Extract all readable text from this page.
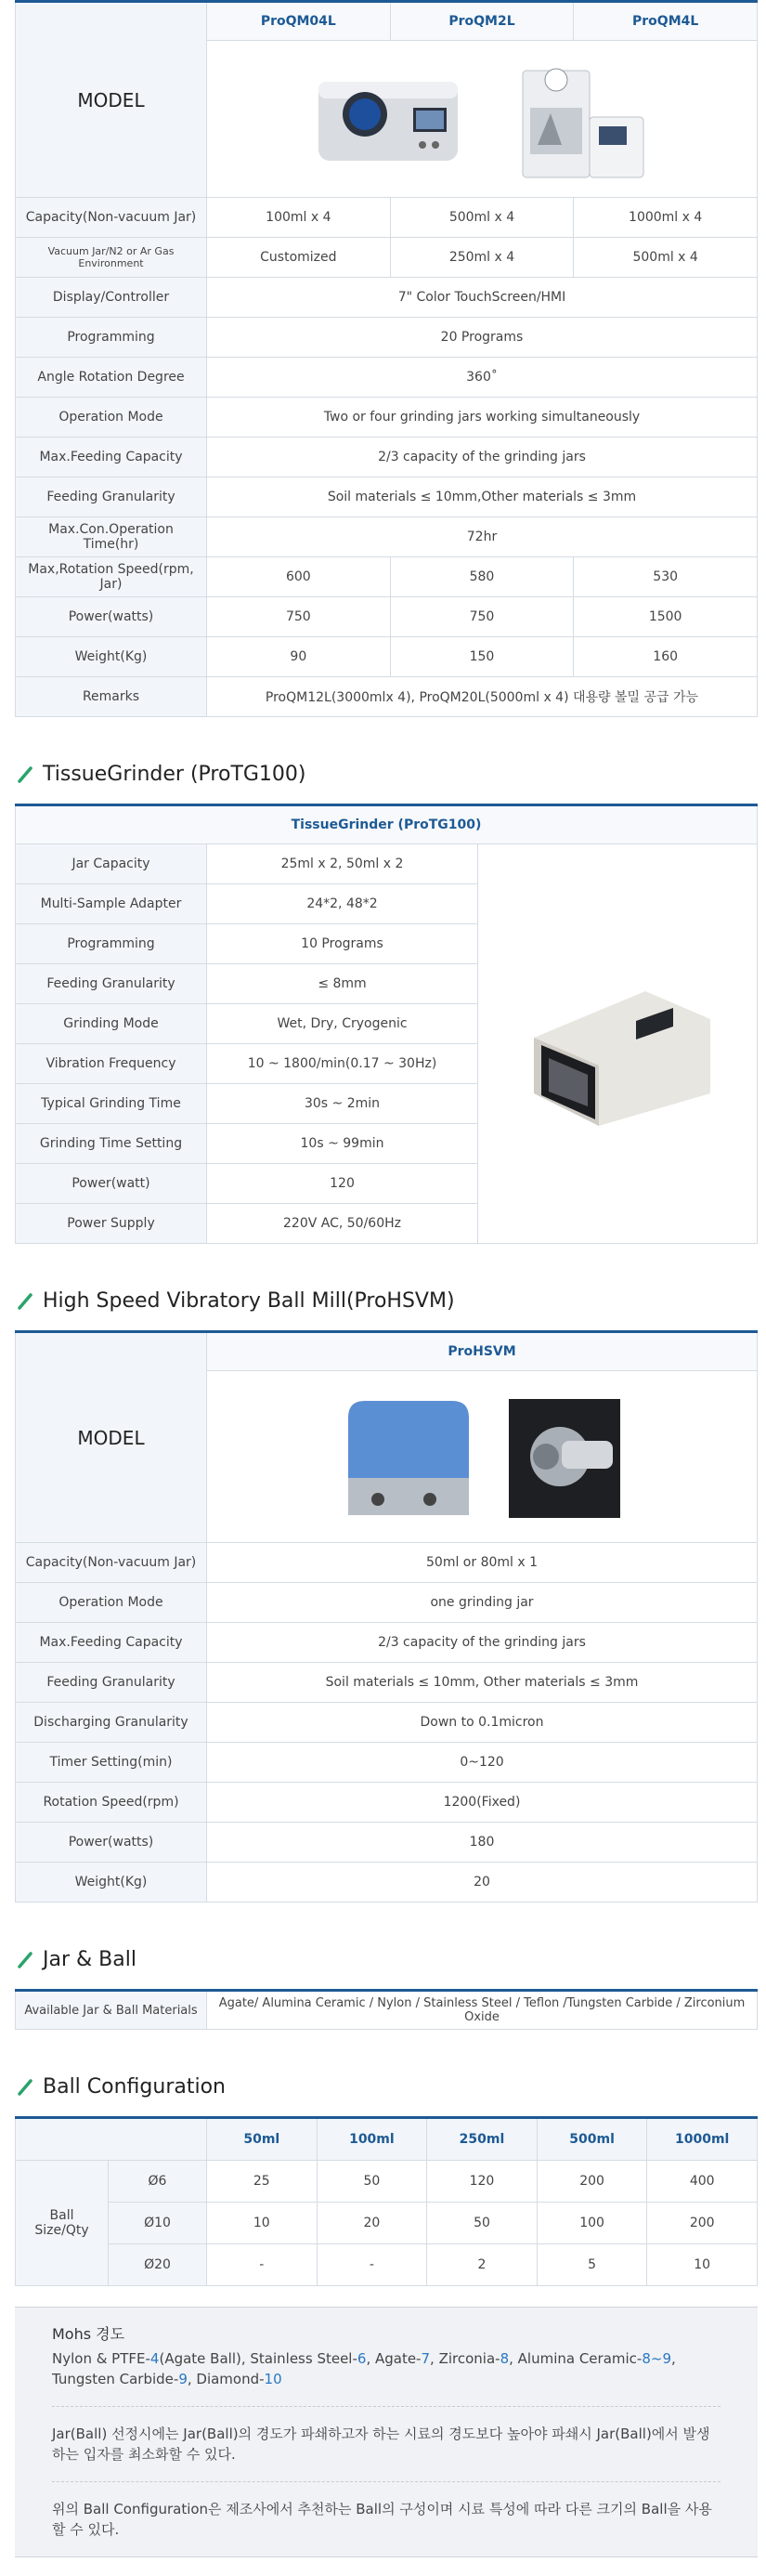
MODEL	ProQM04L	ProQM2L	ProQM4L

Capacity(Non-vacuum Jar)	100ml x 4	500ml x 4	1000ml x 4
Vacuum Jar/N2 or Ar Gas Environment	Customized	250ml x 4	500ml x 4
Display/Controller	7" Color TouchScreen/HMI		
Programming	20 Programs		
Angle Rotation Degree	360˚		
Operation Mode	Two or four grinding jars working simultaneously		
Max.Feeding Capacity	2/3 capacity of the grinding jars		
Feeding Granularity	Soil materials ≤ 10mm,Other materials ≤ 3mm		
Max.Con.Operation Time(hr)	72hr		
Max,Rotation Speed(rpm, Jar)	600	580	530
Power(watts)	750	750	1500
Weight(Kg)	90	150	160
Remarks	ProQM12L(3000mlx 4), ProQM20L(5000ml x 4) 대용량 볼밀 공급 가능		
TissueGrinder (ProTG100)
TissueGrinder (ProTG100)		
Jar Capacity	25ml x 2, 50ml x 2	
Multi-Sample Adapter	24*2, 48*2	
Programming	10 Programs	
Feeding Granularity	≤ 8mm	
Grinding Mode	Wet, Dry, Cryogenic	
Vibration Frequency	10 ~ 1800/min(0.17 ~ 30Hz)	
Typical Grinding Time	30s ~ 2min	
Grinding Time Setting	10s ~ 99min	
Power(watt)	120	
Power Supply	220V AC, 50/60Hz	
High Speed Vibratory Ball Mill(ProHSVM)
MODEL	ProHSVM

Capacity(Non-vacuum Jar)	50ml or 80ml x 1
Operation Mode	one grinding jar
Max.Feeding Capacity	2/3 capacity of the grinding jars
Feeding Granularity	Soil materials ≤ 10mm, Other materials ≤ 3mm
Discharging Granularity	Down to 0.1micron
Timer Setting(min)	0~120
Rotation Speed(rpm)	1200(Fixed)
Power(watts)	180
Weight(Kg)	20
Jar & Ball
Available Jar & Ball Materials	Agate/ Alumina Ceramic / Nylon / Stainless Steel / Teflon /Tungsten Carbide / Zirconium Oxide
Ball Configuration
		50ml	100ml	250ml	500ml	1000ml
Ball Size/Qty	Ø6	25	50	120	200	400
	Ø10	10	20	50	100	200
	Ø20	-	-	2	5	10
Mohs 경도
Nylon & PTFE-4(Agate Ball), Stainless Steel-6, Agate-7, Zirconia-8, Alumina Ceramic-8~9, Tungsten Carbide-9, Diamond-10
Jar(Ball) 선정시에는 Jar(Ball)의 경도가 파쇄하고자 하는 시료의 경도보다 높아야 파쇄시 Jar(Ball)에서 발생하는 입자를 최소화할 수 있다.
위의 Ball Configuration은 제조사에서 추천하는 Ball의 구성이며 시료 특성에 따라 다른 크기의 Ball을 사용할 수 있다.
